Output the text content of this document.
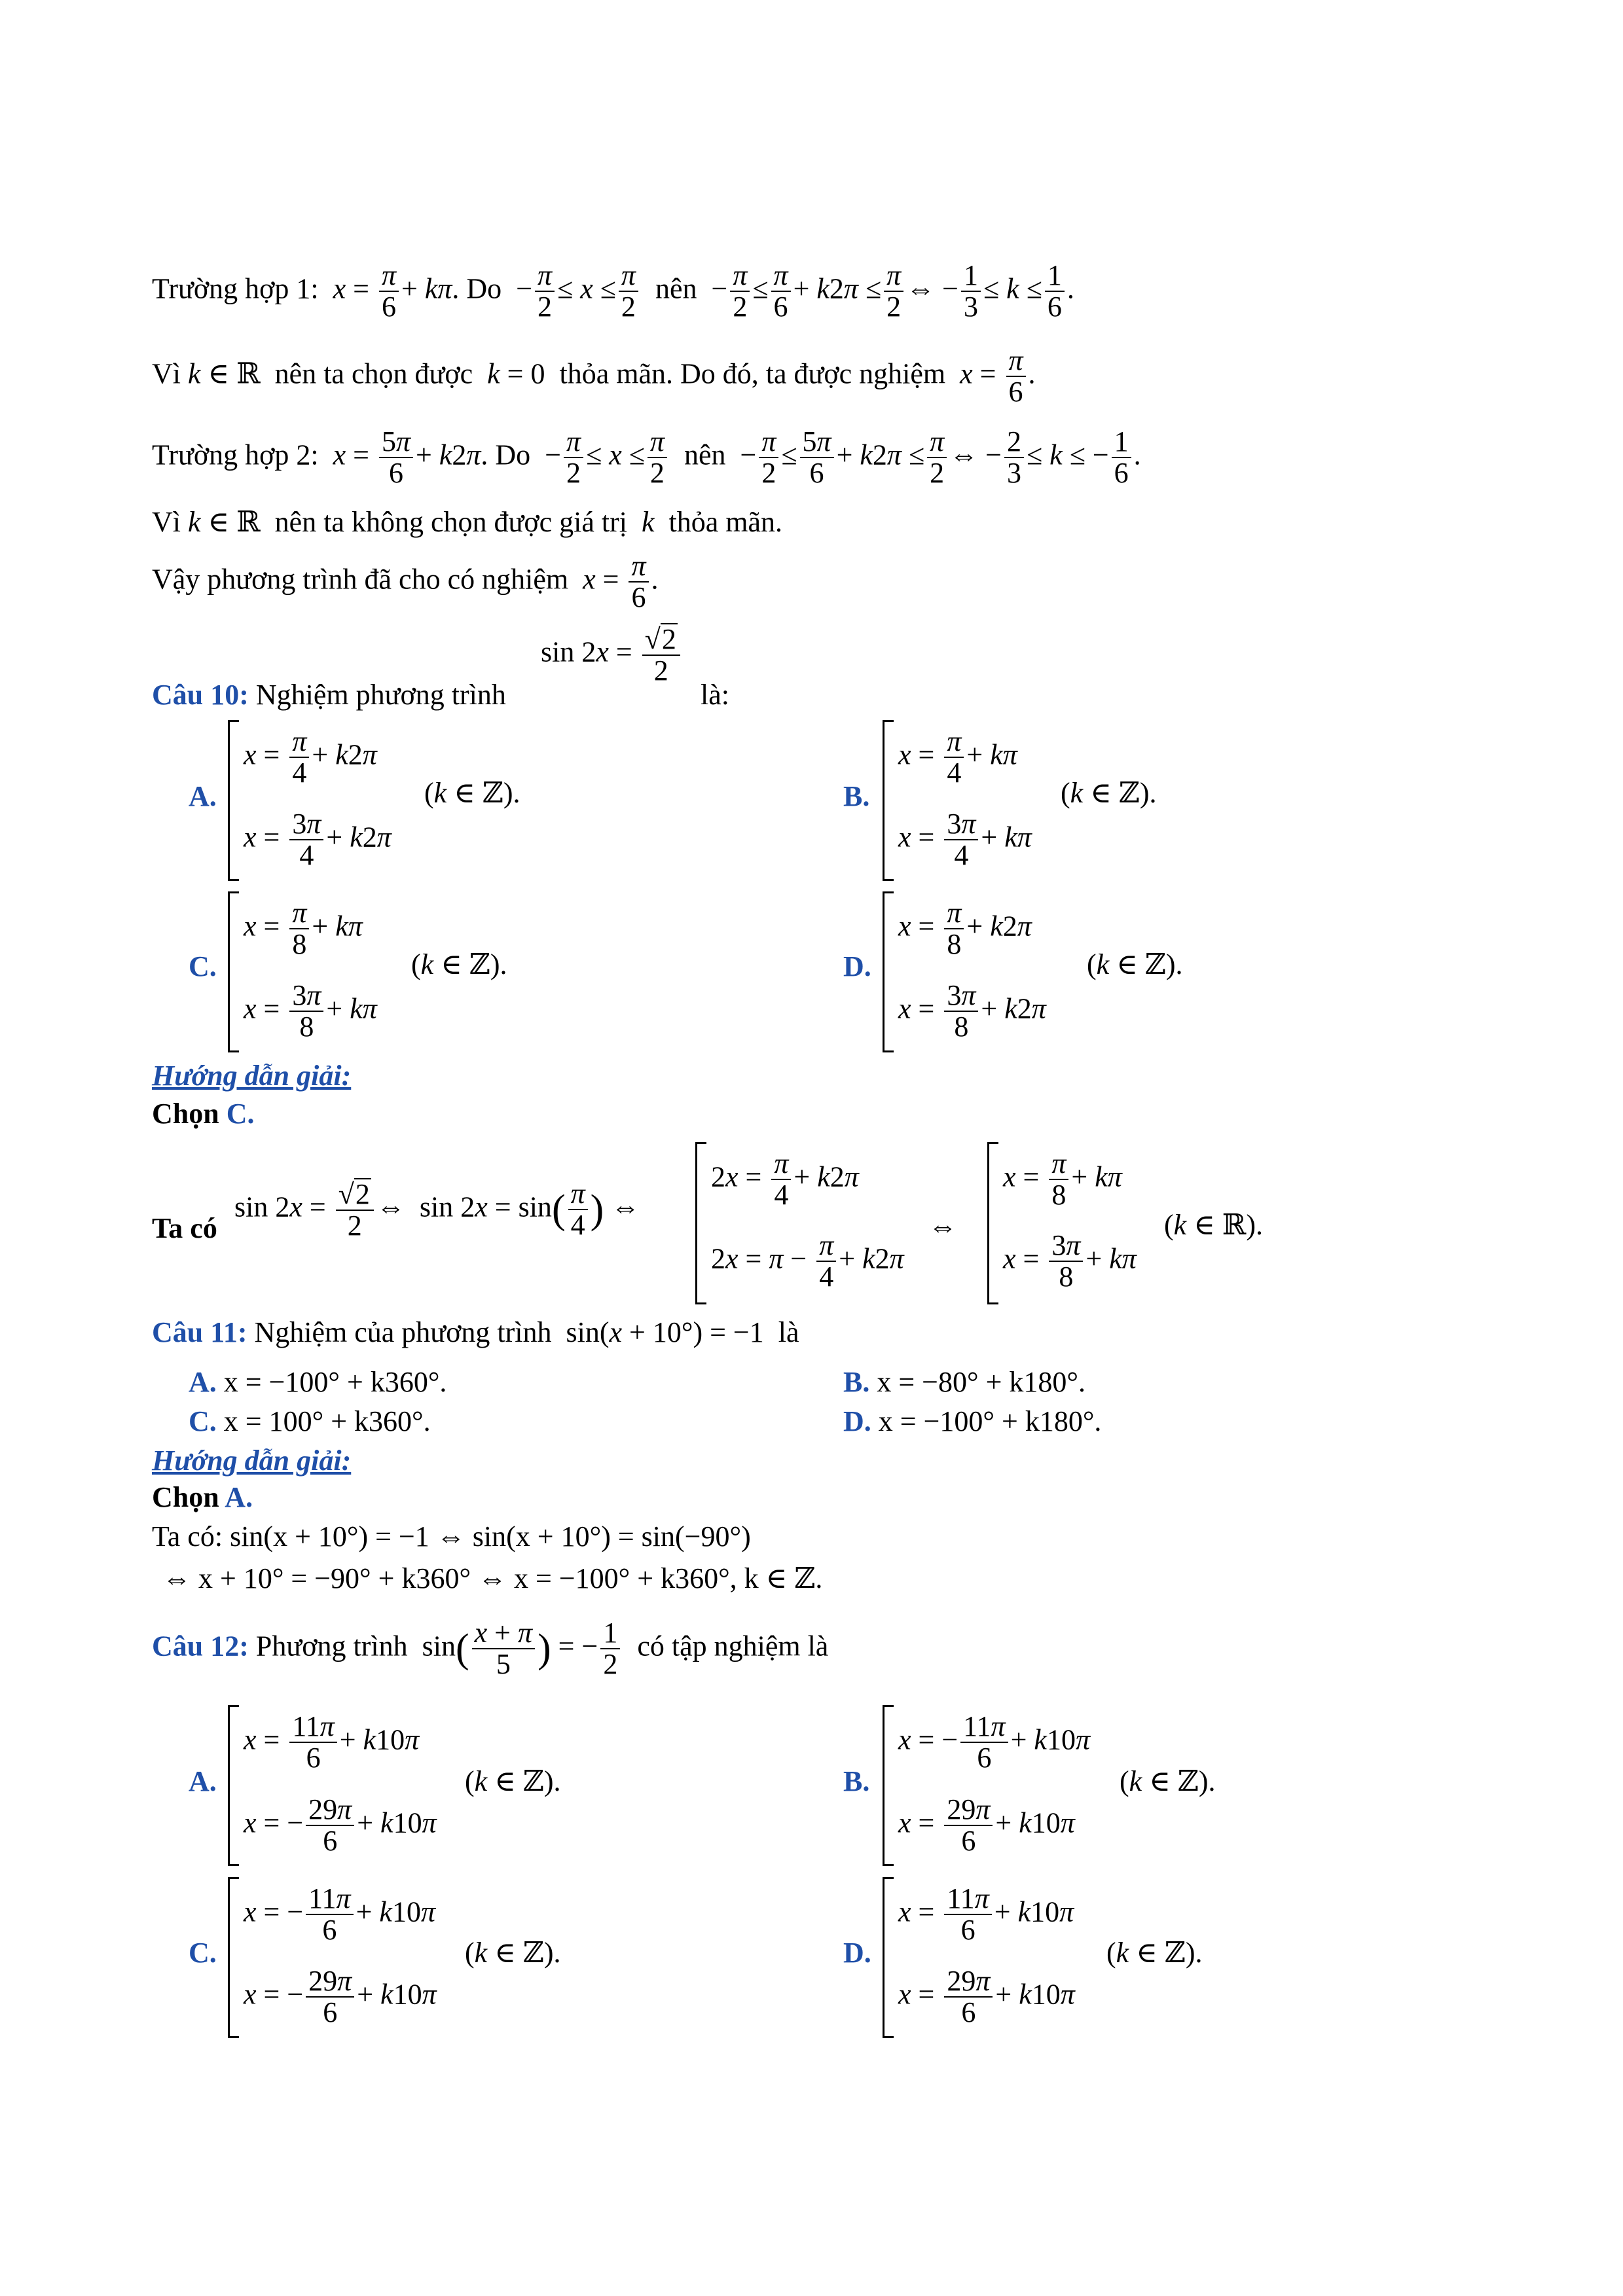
Trường hợp 1: $x = \frac{\pi}{6} + k\pi$. $Do - \frac{\pi}{2} \le x \le \frac{\pi}{2}$ nên  − $\frac{\pi}{2} \le \frac{\pi}{6} + k2\pi \le \frac{\pi}{2}$ ⇔ − $\frac{1}{3} \le k \le \frac{1}{6}$ .
Vì k ∈ ℝ  nên ta chọn được  k = 0  thỏa mãn. Do đó, ta được nghiệm  $x = \frac{\pi}{6}$ .
Trường hợp 2: $x = \frac{5\pi}{6} + k2\pi$. $Do - \frac{\pi}{2} \le x \le \frac{\pi}{2}$ nên  − $\frac{\pi}{2} \le \frac{5\pi}{6} + k2\pi \le \frac{\pi}{2}$ ⇔ − $\frac{2}{3} \le k$ ≤ − $\frac{1}{6}$ .
Vì k ∈ ℝ  nên ta không chọn được giá trị  k  thỏa mãn.
Vậy phương trình đã cho có nghiệm  $x = \frac{\pi}{6}$ .
$\sin 2x = \frac{√2}{2}$
Câu 10: Nghiệm phương trình	là:
A.
$x = \frac{\pi}{4} + k2\pi$
$x = \frac{3\pi}{4} + k2\pi$
(k ∈ ℤ).	B.
$x = \frac{\pi}{4} + k\pi$
$x = \frac{3\pi}{4} + k\pi$
(k ∈ ℤ).
C.
$x = \frac{\pi}{8} + k\pi$
$x = \frac{3\pi}{8} + k\pi$
(k ∈ ℤ).	D.
$x = \frac{\pi}{8} + k2\pi$
$x = \frac{3\pi}{8} + k2\pi$
(k ∈ ℤ).
Hướng dẫn giải:
Chọn C.
Ta có
$\sin 2x = \frac{√2}{2}$ ⇔  $\sin 2x = \sin( \frac{\pi}{4}$ ) ⇔
$2x = \frac{\pi}{4} + k2\pi$
$2x = \pi - \frac{\pi}{4} + k2\pi$
⇔
$x = \frac{\pi}{8} + k\pi$
$x = \frac{3\pi}{8} + k\pi$
(k ∈ ℝ).
Câu 11: Nghiệm của phương trình  sin(x + 10°) = −1  là
A. x = −100° + k360°.	B. x = −80° + k180°.
C. x = 100° + k360°.	D. x = −100° + k180°.
Hướng dẫn giải:
Chọn A.
Ta có: sin(x + 10°) = −1 ⇔ sin(x + 10°) = sin(−90°)
⇔ x + 10° = −90° + k360° ⇔ x = −100° + k360°, k ∈ ℤ.
Câu 12: Phương trình  $\sin( \frac{x + \pi}{5}$ ) = − $\frac{1}{2}$ có tập nghiệm là
A.
$x = \frac{11\pi}{6} + k10\pi$
x = − $\frac{29\pi}{6} + k10\pi$
(k ∈ ℤ).	B.
x = − $\frac{11\pi}{6} + k10\pi$
$x = \frac{29\pi}{6} + k10\pi$
(k ∈ ℤ).
C.
x = − $\frac{11\pi}{6} + k10\pi$
x = − $\frac{29\pi}{6} + k10\pi$
(k ∈ ℤ).	D.
$x = \frac{11\pi}{6} + k10\pi$
$x = \frac{29\pi}{6} + k10\pi$
(k ∈ ℤ).
